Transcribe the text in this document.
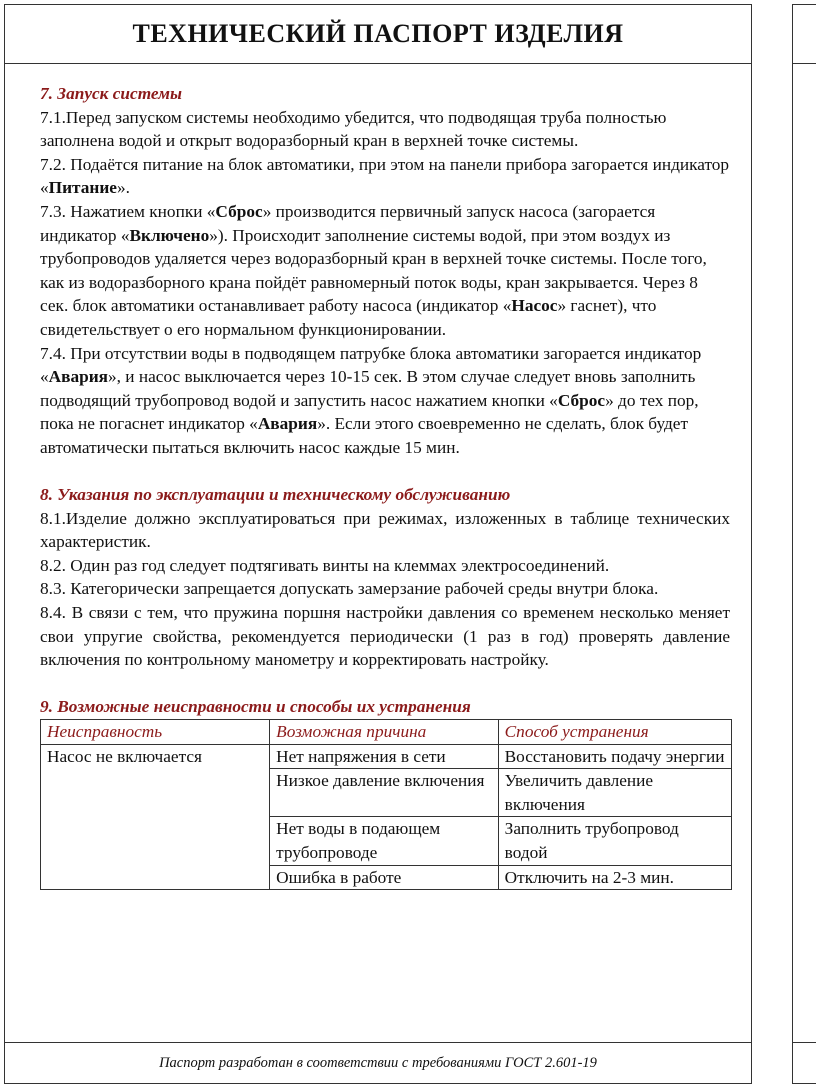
ТЕХНИЧЕСКИЙ ПАСПОРТ ИЗДЕЛИЯ

7. Запуск системы

7.1.Перед запуском системы необходимо убедится, что подводящая труба полностью заполнена водой и открыт водоразборный кран в верхней точке системы.

7.2. Подаётся питание на блок автоматики, при этом на панели прибора загорается индикатор «Питание».

7.3. Нажатием кнопки «Сброс» производится первичный запуск насоса (загорается индикатор «Включено»). Происходит заполнение системы водой, при этом воздух из трубопроводов удаляется через водоразборный кран в верхней точке системы. После того, как из водоразборного крана пойдёт равномерный поток воды, кран закрывается. Через 8 сек. блок автоматики останавливает работу насоса (индикатор «Насос» гаснет), что свидетельствует о его нормальном функционировании.

7.4. При отсутствии воды в подводящем патрубке блока автоматики загорается индикатор «Авария», и насос выключается через 10-15 сек. В этом случае следует вновь заполнить подводящий трубопровод водой и запустить насос нажатием кнопки «Сброс» до тех пор, пока не погаснет индикатор «Авария». Если этого своевременно не сделать, блок будет автоматически пытаться включить насос каждые 15 мин.

8. Указания по эксплуатации и техническому обслуживанию

8.1.Изделие должно эксплуатироваться при режимах, изложенных в таблице технических характеристик.

8.2. Один раз год следует подтягивать винты на клеммах электросоединений.

8.3. Категорически запрещается допускать замерзание рабочей среды внутри блока.

8.4. В связи с тем, что пружина поршня настройки давления со временем несколько меняет свои упругие свойства, рекомендуется периодически (1 раз в год) проверять давление включения по контрольному манометру и корректировать настройку.

9. Возможные неисправности и способы их устранения

Неисправность	Возможная причина	Способ устранения
Насос не включается	Нет напряжения в сети	Восстановить подачу энергии
	Низкое давление включения	Увеличить давление включения
	Нет воды в подающем трубопроводе	Заполнить трубопровод водой
	Ошибка в работе	Отключить на 2-3 мин.
Паспорт разработан в соответствии с требованиями ГОСТ 2.601-19
